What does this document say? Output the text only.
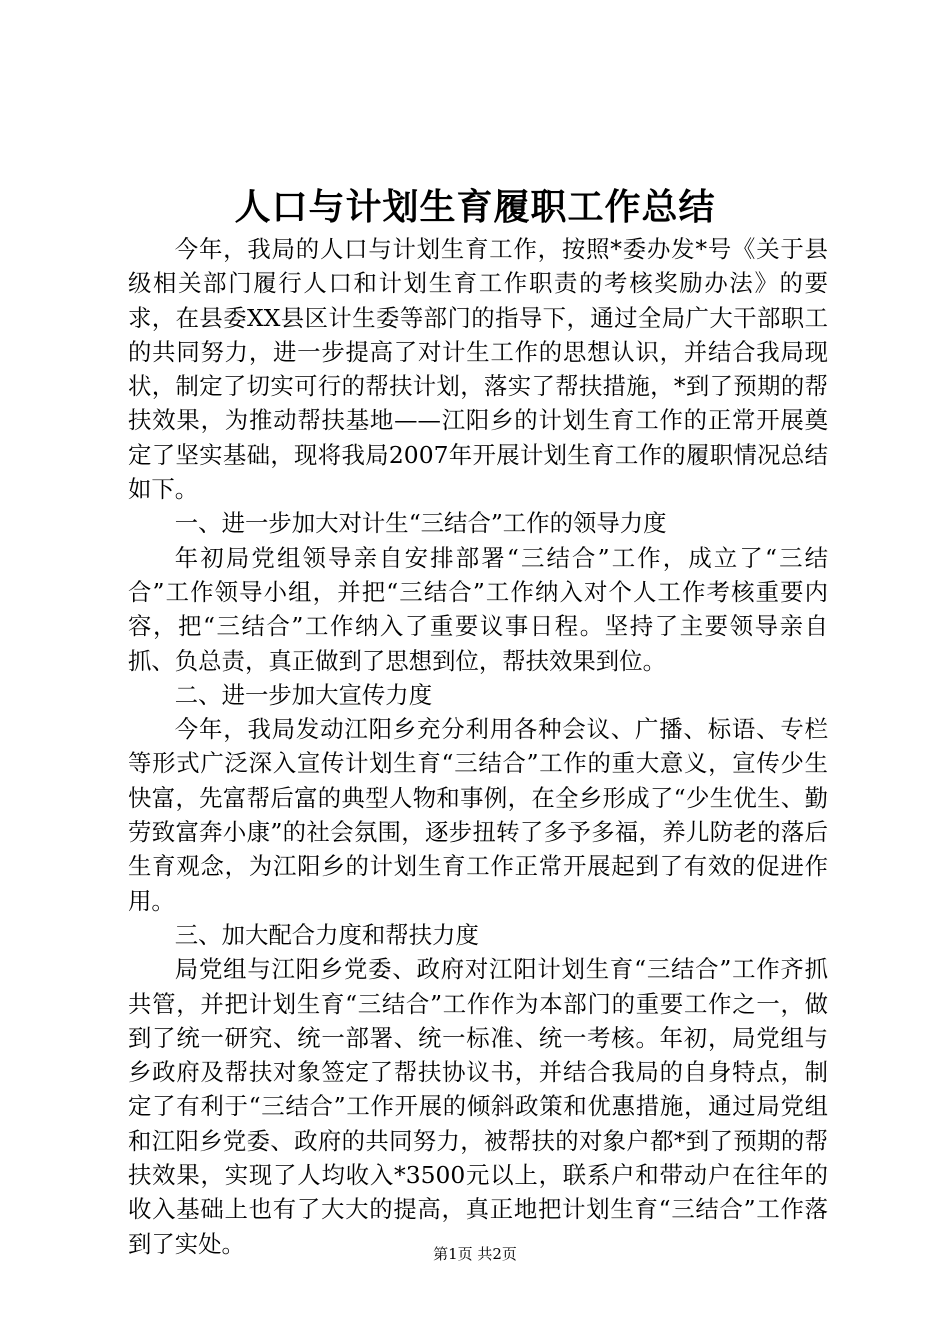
人口与计划生育履职工作总结

今年，我局的人口与计划生育工作，按照*委办发*号《关于县级相关部门履行人口和计划生育工作职责的考核奖励办法》的要求，在县委XX县区计生委等部门的指导下，通过全局广大干部职工的共同努力，进一步提高了对计生工作的思想认识，并结合我局现状，制定了切实可行的帮扶计划，落实了帮扶措施，*到了预期的帮扶效果，为推动帮扶基地——江阳乡的计划生育工作的正常开展奠定了坚实基础，现将我局2007年开展计划生育工作的履职情况总结如下。

一、进一步加大对计生“三结合”工作的领导力度

年初局党组领导亲自安排部署“三结合”工作，成立了“三结合”工作领导小组，并把“三结合”工作纳入对个人工作考核重要内容，把“三结合”工作纳入了重要议事日程。坚持了主要领导亲自抓、负总责，真正做到了思想到位，帮扶效果到位。

二、进一步加大宣传力度

今年，我局发动江阳乡充分利用各种会议、广播、标语、专栏等形式广泛深入宣传计划生育“三结合”工作的重大意义，宣传少生快富，先富帮后富的典型人物和事例，在全乡形成了“少生优生、勤劳致富奔小康”的社会氛围，逐步扭转了多予多福，养儿防老的落后生育观念，为江阳乡的计划生育工作正常开展起到了有效的促进作用。

三、加大配合力度和帮扶力度

局党组与江阳乡党委、政府对江阳计划生育“三结合”工作齐抓共管，并把计划生育“三结合”工作作为本部门的重要工作之一，做到了统一研究、统一部署、统一标准、统一考核。年初，局党组与乡政府及帮扶对象签定了帮扶协议书，并结合我局的自身特点，制定了有利于“三结合”工作开展的倾斜政策和优惠措施，通过局党组和江阳乡党委、政府的共同努力，被帮扶的对象户都*到了预期的帮扶效果，实现了人均收入*3500元以上，联系户和带动户在往年的收入基础上也有了大大的提高，真正地把计划生育“三结合”工作落到了实处。	第1页 共2页
